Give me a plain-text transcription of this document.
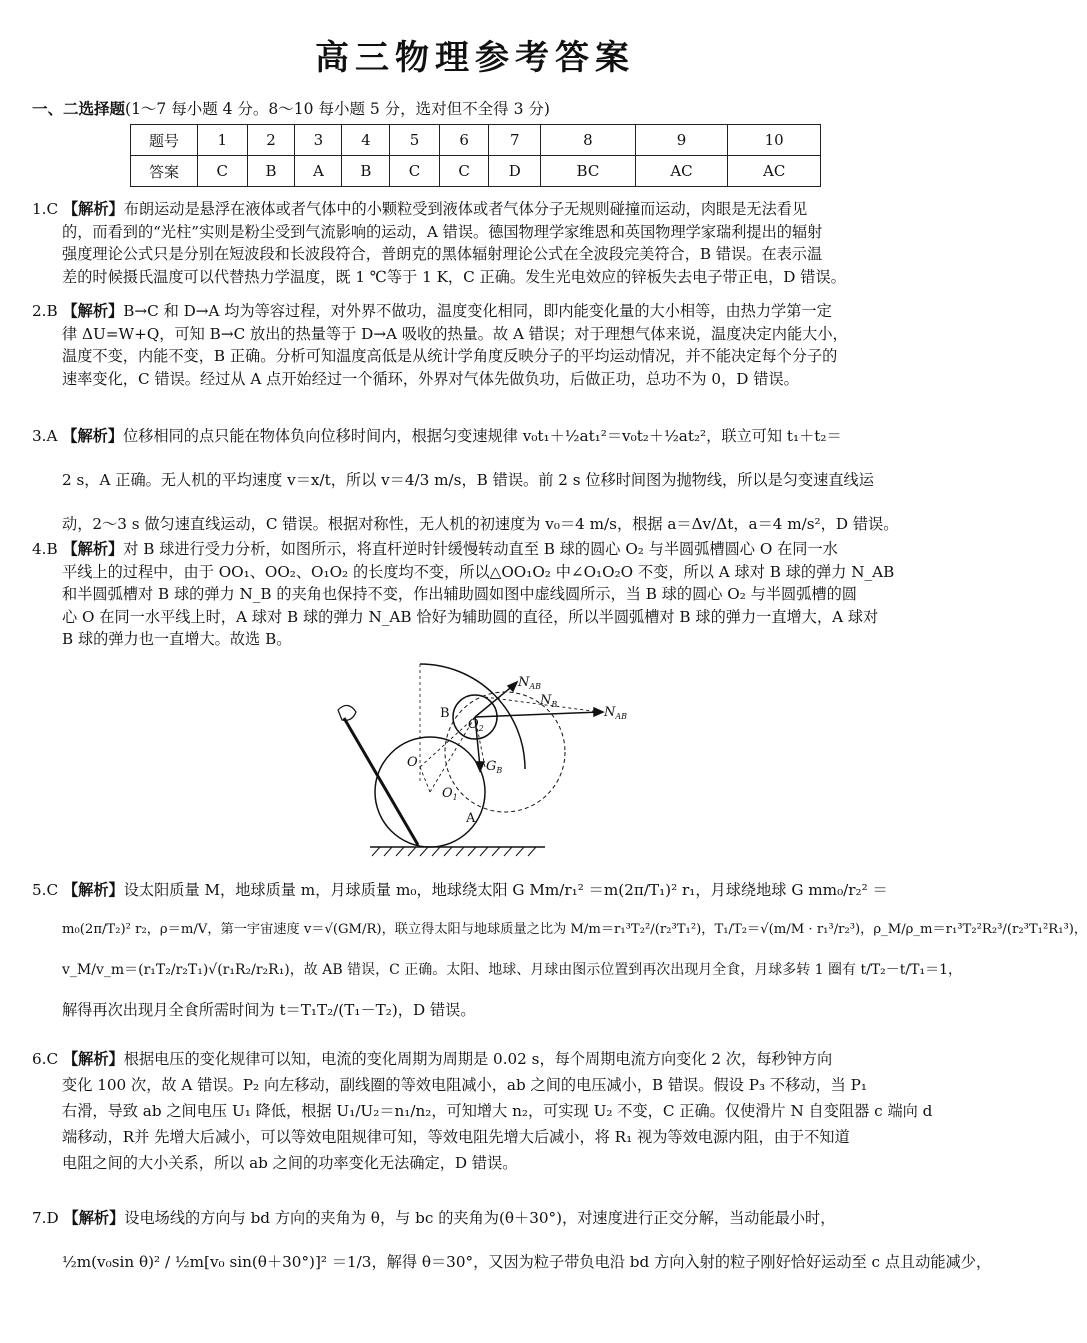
高三物理参考答案
一、二选择题(1～7 每小题 4 分。8～10 每小题 5 分，选对但不全得 3 分)
题号	1	2	3	4	5	6	7	8	9	10
答案	C	B	A	B	C	C	D	BC	AC	AC
1.C 【解析】布朗运动是悬浮在液体或者气体中的小颗粒受到液体或者气体分子无规则碰撞而运动，肉眼是无法看见
的，而看到的“光柱”实则是粉尘受到气流影响的运动，A 错误。德国物理学家维恩和英国物理学家瑞利提出的辐射
强度理论公式只是分别在短波段和长波段符合，普朗克的黑体辐射理论公式在全波段完美符合，B 错误。在表示温
差的时候摄氏温度可以代替热力学温度，既 1 ℃等于 1 K，C 正确。发生光电效应的锌板失去电子带正电，D 错误。
2.B 【解析】B→C 和 D→A 均为等容过程，对外界不做功，温度变化相同，即内能变化量的大小相等，由热力学第一定
律 ΔU=W+Q，可知 B→C 放出的热量等于 D→A 吸收的热量。故 A 错误；对于理想气体来说，温度决定内能大小，
温度不变，内能不变，B 正确。分析可知温度高低是从统计学角度反映分子的平均运动情况，并不能决定每个分子的
速率变化，C 错误。经过从 A 点开始经过一个循环，外界对气体先做负功，后做正功，总功不为 0，D 错误。
3.A 【解析】位移相同的点只能在物体负向位移时间内，根据匀变速规律 v₀t₁＋½at₁²＝v₀t₂＋½at₂²，联立可知 t₁＋t₂＝
2 s，A 正确。无人机的平均速度 v＝x/t，所以 v＝4/3 m/s，B 错误。前 2 s 位移时间图为抛物线，所以是匀变速直线运
动，2～3 s 做匀速直线运动，C 错误。根据对称性，无人机的初速度为 v₀＝4 m/s，根据 a＝Δv/Δt，a＝4 m/s²，D 错误。
4.B 【解析】对 B 球进行受力分析，如图所示，将直杆逆时针缓慢转动直至 B 球的圆心 O₂ 与半圆弧槽圆心 O 在同一水
平线上的过程中，由于 OO₁、OO₂、O₁O₂ 的长度均不变，所以△OO₁O₂ 中∠O₁O₂O 不变，所以 A 球对 B 球的弹力 N_AB
和半圆弧槽对 B 球的弹力 N_B 的夹角也保持不变，作出辅助圆如图中虚线圆所示，当 B 球的圆心 O₂ 与半圆弧槽的圆
心 O 在同一水平线上时，A 球对 B 球的弹力 N_AB 恰好为辅助圆的直径，所以半圆弧槽对 B 球的弹力一直增大，A 球对
B 球的弹力也一直增大。故选 B。
$N_{AB}$
$N_{AB}$
$N_B$
B
$O_2$
O
$O_1$
$G_B$
A
5.C 【解析】设太阳质量 M，地球质量 m，月球质量 m₀，地球绕太阳 G Mm/r₁² ＝m(2π/T₁)² r₁，月球绕地球 G mm₀/r₂² ＝
m₀(2π/T₂)² r₂，ρ＝m/V，第一宇宙速度 v＝√(GM/R)，联立得太阳与地球质量之比为 M/m＝r₁³T₂²/(r₂³T₁²)，T₁/T₂＝√(m/M · r₁³/r₂³)，ρ_M/ρ_m＝r₁³T₂²R₂³/(r₂³T₁²R₁³)，
v_M/v_m＝(r₁T₂/r₂T₁)√(r₁R₂/r₂R₁)，故 AB 错误，C 正确。太阳、地球、月球由图示位置到再次出现月全食，月球多转 1 圈有 t/T₂－t/T₁＝1，
解得再次出现月全食所需时间为 t＝T₁T₂/(T₁－T₂)，D 错误。
6.C 【解析】根据电压的变化规律可以知，电流的变化周期为周期是 0.02 s，每个周期电流方向变化 2 次，每秒钟方向
变化 100 次，故 A 错误。P₂ 向左移动，副线圈的等效电阻减小，ab 之间的电压减小，B 错误。假设 P₃ 不移动，当 P₁
右滑，导致 ab 之间电压 U₁ 降低，根据 U₁/U₂＝n₁/n₂，可知增大 n₂，可实现 U₂ 不变，C 正确。仅使滑片 N 自变阻器 c 端向 d
端移动，R并 先增大后减小，可以等效电阻规律可知，等效电阻先增大后减小，将 R₁ 视为等效电源内阻，由于不知道
电阻之间的大小关系，所以 ab 之间的功率变化无法确定，D 错误。
7.D 【解析】设电场线的方向与 bd 方向的夹角为 θ，与 bc 的夹角为(θ＋30°)，对速度进行正交分解，当动能最小时，
½m(v₀sin θ)² / ½m[v₀ sin(θ＋30°)]² ＝1/3，解得 θ＝30°，又因为粒子带负电沿 bd 方向入射的粒子刚好恰好运动至 c 点且动能减少，
